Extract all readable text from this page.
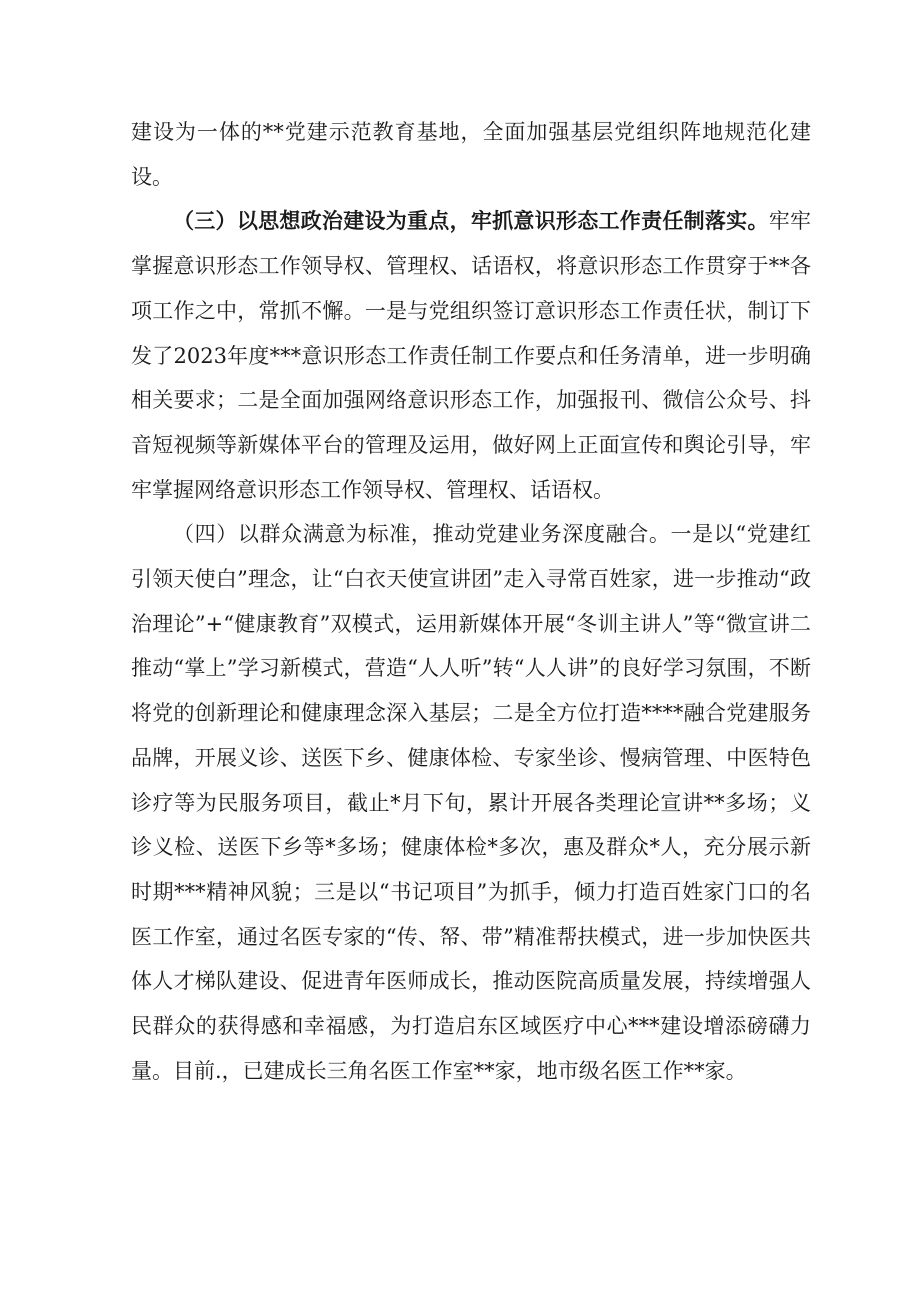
建设为一体的**党建示范教育基地，全面加强基层党组织阵地规范化建设。

（三）以思想政治建设为重点，牢抓意识形态工作责任制落实。牢牢掌握意识形态工作领导权、管理权、话语权，将意识形态工作贯穿于**各项工作之中，常抓不懈。一是与党组织签订意识形态工作责任状，制订下发了2023年度***意识形态工作责任制工作要点和任务清单，进一步明确相关要求；二是全面加强网络意识形态工作，加强报刊、微信公众号、抖音短视频等新媒体平台的管理及运用，做好网上正面宣传和舆论引导，牢牢掌握网络意识形态工作领导权、管理权、话语权。

（四）以群众满意为标准，推动党建业务深度融合。一是以“党建红引领天使白”理念，让“白衣天使宣讲团”走入寻常百姓家，进一步推动“政治理论”+“健康教育”双模式，运用新媒体开展“冬训主讲人”等“微宣讲二推动“掌上”学习新模式，营造“人人听”转“人人讲”的良好学习氛围，不断将党的创新理论和健康理念深入基层；二是全方位打造****融合党建服务品牌，开展义诊、送医下乡、健康体检、专家坐诊、慢病管理、中医特色诊疗等为民服务项目，截止*月下旬，累计开展各类理论宣讲**多场；义诊义检、送医下乡等*多场；健康体检*多次，惠及群众*人，充分展示新时期***精神风貌；三是以“书记项目”为抓手，倾力打造百姓家门口的名医工作室，通过名医专家的“传、帑、带”精准帮扶模式，进一步加快医共体人才梯队建设、促进青年医师成长，推动医院高质量发展，持续增强人民群众的获得感和幸福感，为打造启东区域医疗中心***建设增添磅礴力量。目前.，已建成长三角名医工作室**家，地市级名医工作**家。
